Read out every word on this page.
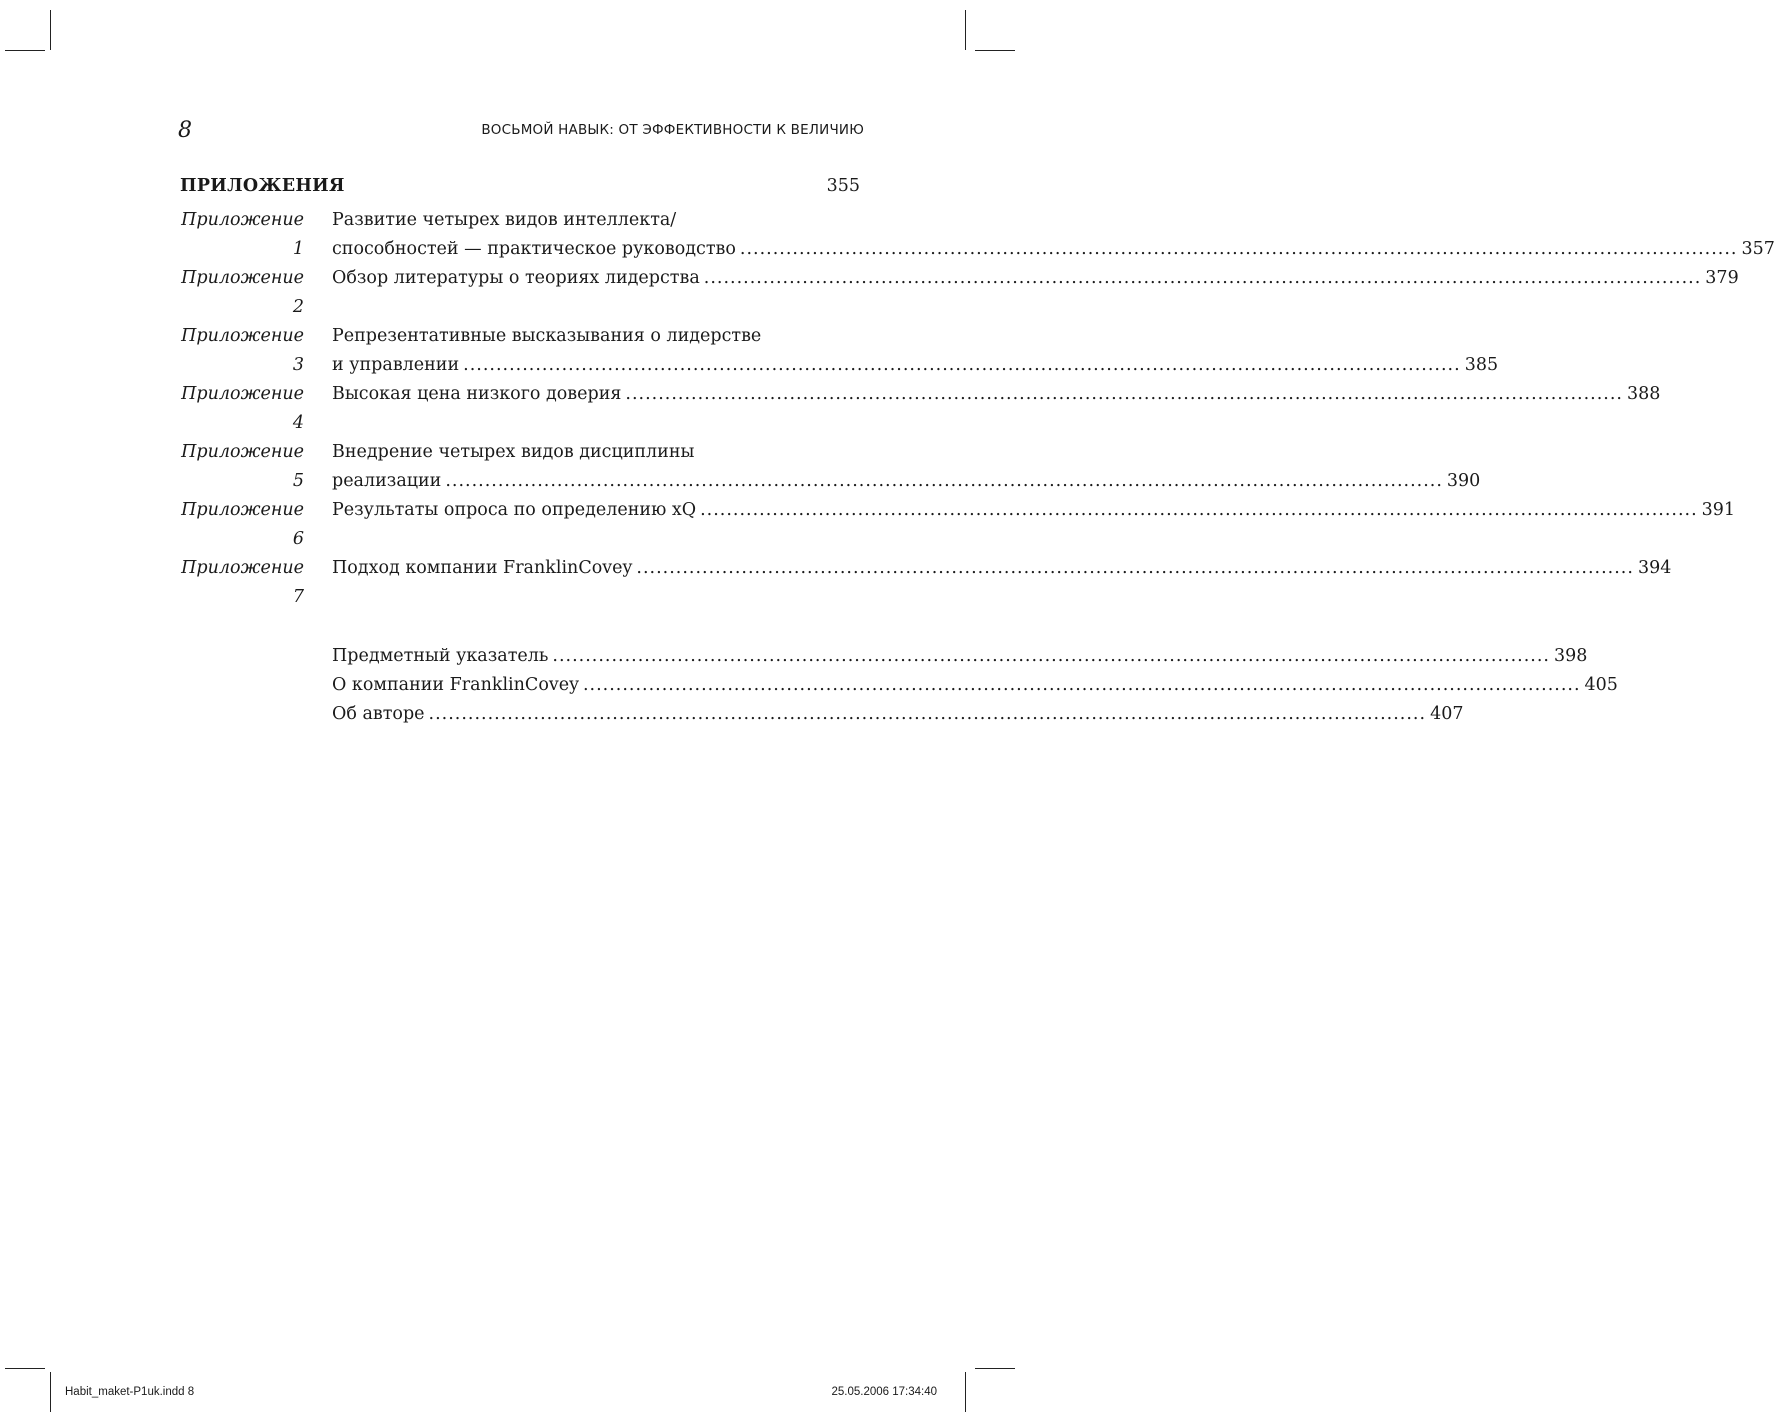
8	ВОСЬМОЙ НАВЫК: ОТ ЭФФЕКТИВНОСТИ К ВЕЛИЧИЮ
ПРИЛОЖЕНИЯ	355
Приложение 1
Развитие четырех видов интеллекта/
способностей — практическое руководство .....	357
Приложение 2
Обзор литературы о теориях лидерства .....	379
Приложение 3
Репрезентативные высказывания о лидерстве
и управлении .....	385
Приложение 4
Высокая цена низкого доверия .....	388
Приложение 5
Внедрение четырех видов дисциплины
реализации .....	390
Приложение 6
Результаты опроса по определению xQ .....	391
Приложение 7
Подход компании FranklinCovey .....	394
Предметный указатель .....	398
О компании FranklinCovey .....	405
Об авторе .....	407
Habit_maket-P1uk.indd 8	25.05.2006 17:34:40
